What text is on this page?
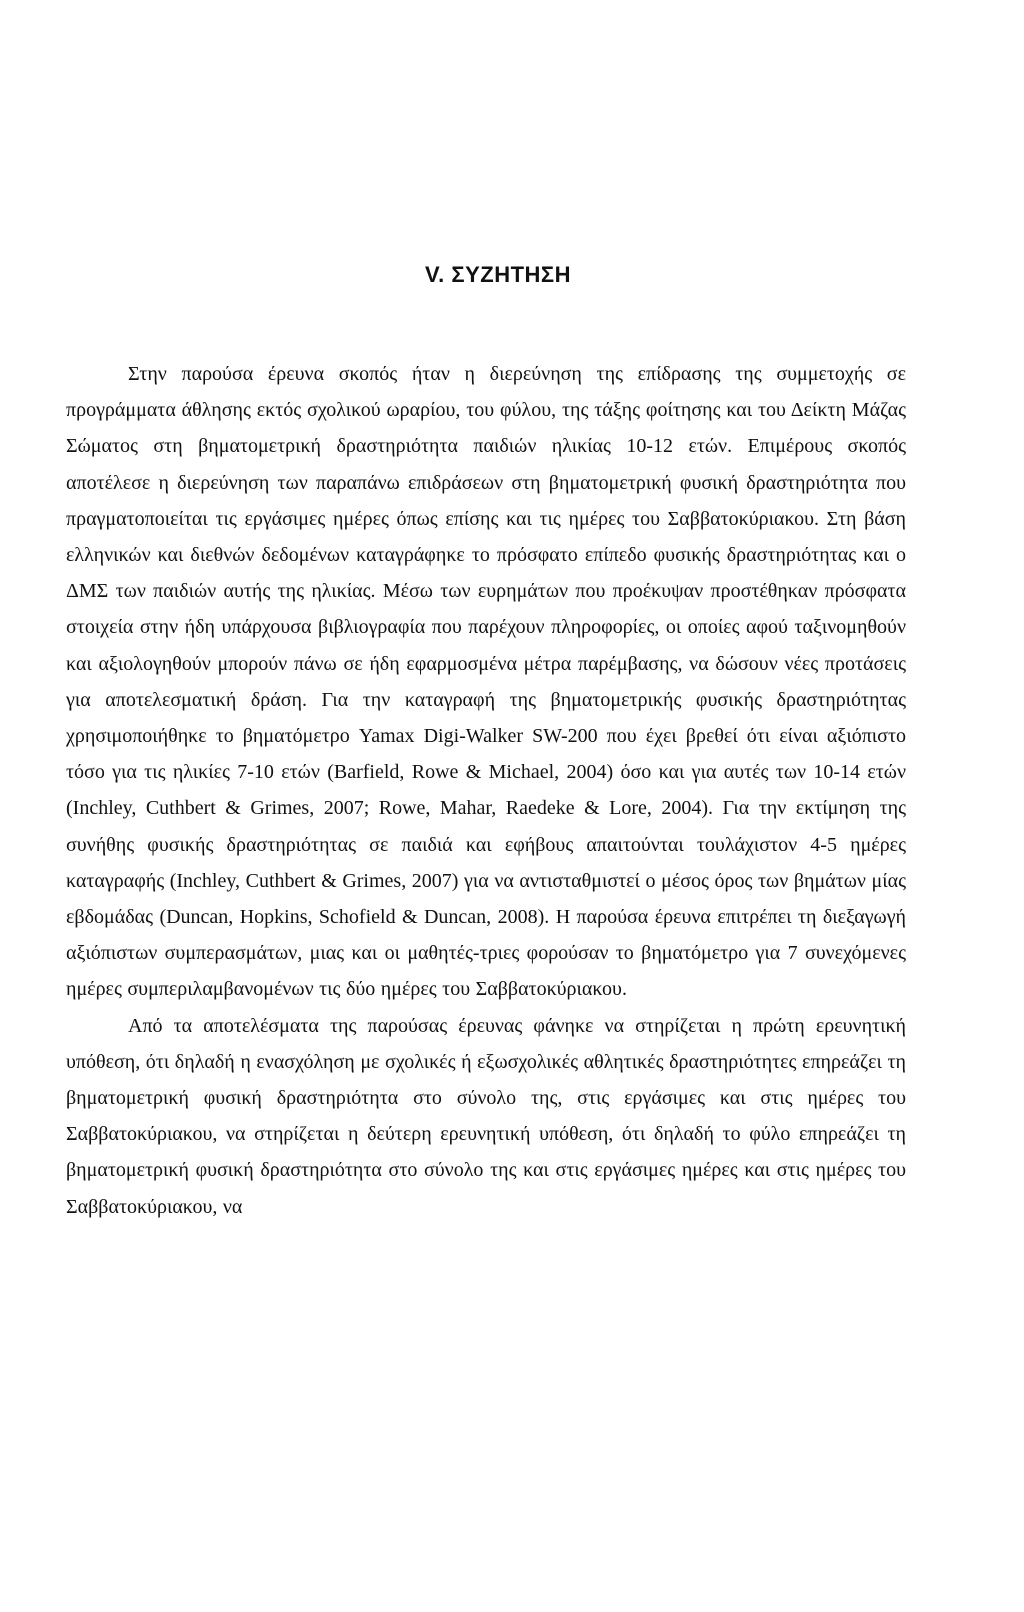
V. ΣΥΖΗΤΗΣΗ

Στην παρούσα έρευνα σκοπός ήταν η διερεύνηση της επίδρασης της συμμετοχής σε προγράμματα άθλησης εκτός σχολικού ωραρίου, του φύλου, της τάξης φοίτησης και του Δείκτη Μάζας Σώματος στη βηματομετρική δραστηριότητα παιδιών ηλικίας 10-12 ετών. Επιμέρους σκοπός αποτέλεσε η διερεύνηση των παραπάνω επιδράσεων στη βηματομετρική φυσική δραστηριότητα που πραγματοποιείται τις εργάσιμες ημέρες όπως επίσης και τις ημέρες του Σαββατοκύριακου. Στη βάση ελληνικών και διεθνών δεδομένων καταγράφηκε το πρόσφατο επίπεδο φυσικής δραστηριότητας και ο ΔΜΣ των παιδιών αυτής της ηλικίας. Μέσω των ευρημάτων που προέκυψαν προστέθηκαν πρόσφατα στοιχεία στην ήδη υπάρχουσα βιβλιογραφία που παρέχουν πληροφορίες, οι οποίες αφού ταξινομηθούν και αξιολογηθούν μπορούν πάνω σε ήδη εφαρμοσμένα μέτρα παρέμβασης, να δώσουν νέες προτάσεις για αποτελεσματική δράση. Για την καταγραφή της βηματομετρικής φυσικής δραστηριότητας χρησιμοποιήθηκε το βηματόμετρο Yamax Digi-Walker SW-200 που έχει βρεθεί ότι είναι αξιόπιστο τόσο για τις ηλικίες 7-10 ετών (Barfield, Rowe & Michael, 2004) όσο και για αυτές των 10-14 ετών (Inchley, Cuthbert & Grimes, 2007; Rowe, Mahar, Raedeke & Lore, 2004). Για την εκτίμηση της συνήθης φυσικής δραστηριότητας σε παιδιά και εφήβους απαιτούνται τουλάχιστον 4-5 ημέρες καταγραφής (Inchley, Cuthbert & Grimes, 2007) για να αντισταθμιστεί ο μέσος όρος των βημάτων μίας εβδομάδας (Duncan, Hopkins, Schofield & Duncan, 2008). Η παρούσα έρευνα επιτρέπει τη διεξαγωγή αξιόπιστων συμπερασμάτων, μιας και οι μαθητές-τριες φορούσαν το βηματόμετρο για 7 συνεχόμενες ημέρες συμπεριλαμβανομένων τις δύο ημέρες του Σαββατοκύριακου.

Από τα αποτελέσματα της παρούσας έρευνας φάνηκε να στηρίζεται η πρώτη ερευνητική υπόθεση, ότι δηλαδή η ενασχόληση με σχολικές ή εξωσχολικές αθλητικές δραστηριότητες επηρεάζει τη βηματομετρική φυσική δραστηριότητα στο σύνολο της, στις εργάσιμες και στις ημέρες του Σαββατοκύριακου, να στηρίζεται η δεύτερη ερευνητική υπόθεση, ότι δηλαδή το φύλο επηρεάζει τη βηματομετρική φυσική δραστηριότητα στο σύνολο της και στις εργάσιμες ημέρες και στις ημέρες του Σαββατοκύριακου, να
